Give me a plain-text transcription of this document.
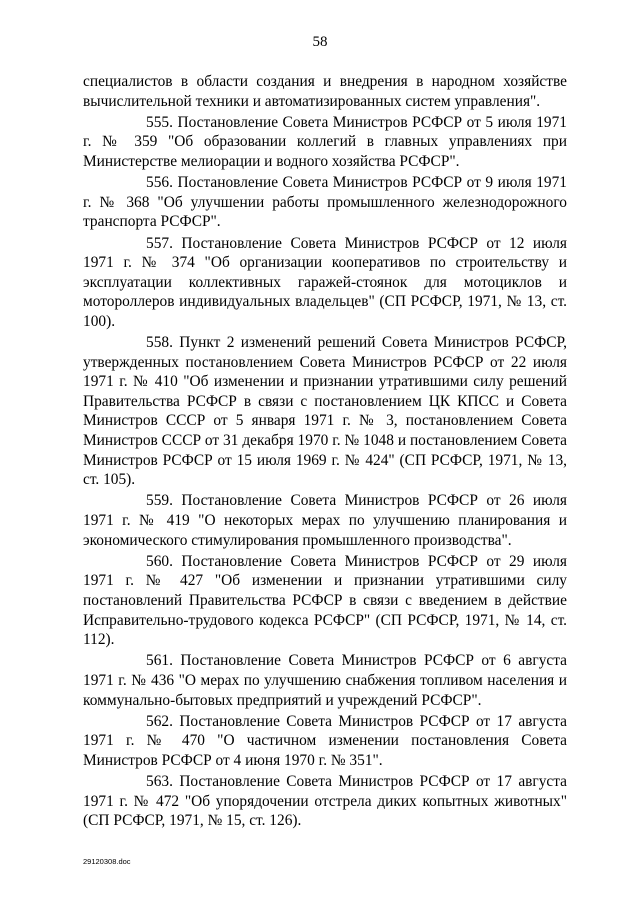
58

специалистов в области создания и внедрения в народном хозяйстве вычислительной техники и автоматизированных систем управления".

555. Постановление Совета Министров РСФСР от 5 июля 1971 г. № 359 "Об образовании коллегий в главных управлениях при Министерстве мелиорации и водного хозяйства РСФСР".

556. Постановление Совета Министров РСФСР от 9 июля 1971 г. № 368 "Об улучшении работы промышленного железнодорожного транспорта РСФСР".

557. Постановление Совета Министров РСФСР от 12 июля 1971 г. № 374 "Об организации кооперативов по строительству и эксплуатации коллективных гаражей-стоянок для мотоциклов и мотороллеров индивидуальных владельцев" (СП РСФСР, 1971, № 13, ст. 100).

558. Пункт 2 изменений решений Совета Министров РСФСР, утвержденных постановлением Совета Министров РСФСР от 22 июля 1971 г. № 410 "Об изменении и признании утратившими силу решений Правительства РСФСР в связи с постановлением ЦК КПСС и Совета Министров СССР от 5 января 1971 г. № 3, постановлением Совета Министров СССР от 31 декабря 1970 г. № 1048 и постановлением Совета Министров РСФСР от 15 июля 1969 г. № 424" (СП РСФСР, 1971, № 13, ст. 105).

559. Постановление Совета Министров РСФСР от 26 июля 1971 г. № 419 "О некоторых мерах по улучшению планирования и экономического стимулирования промышленного производства".

560. Постановление Совета Министров РСФСР от 29 июля 1971 г. № 427 "Об изменении и признании утратившими силу постановлений Правительства РСФСР в связи с введением в действие Исправительно-трудового кодекса РСФСР" (СП РСФСР, 1971, № 14, ст. 112).

561. Постановление Совета Министров РСФСР от 6 августа 1971 г. № 436 "О мерах по улучшению снабжения топливом населения и коммунально-бытовых предприятий и учреждений РСФСР".

562. Постановление Совета Министров РСФСР от 17 августа 1971 г. № 470 "О частичном изменении постановления Совета Министров РСФСР от 4 июня 1970 г. № 351".

563. Постановление Совета Министров РСФСР от 17 августа 1971 г. № 472 "Об упорядочении отстрела диких копытных животных" (СП РСФСР, 1971, № 15, ст. 126).

29120308.doc
